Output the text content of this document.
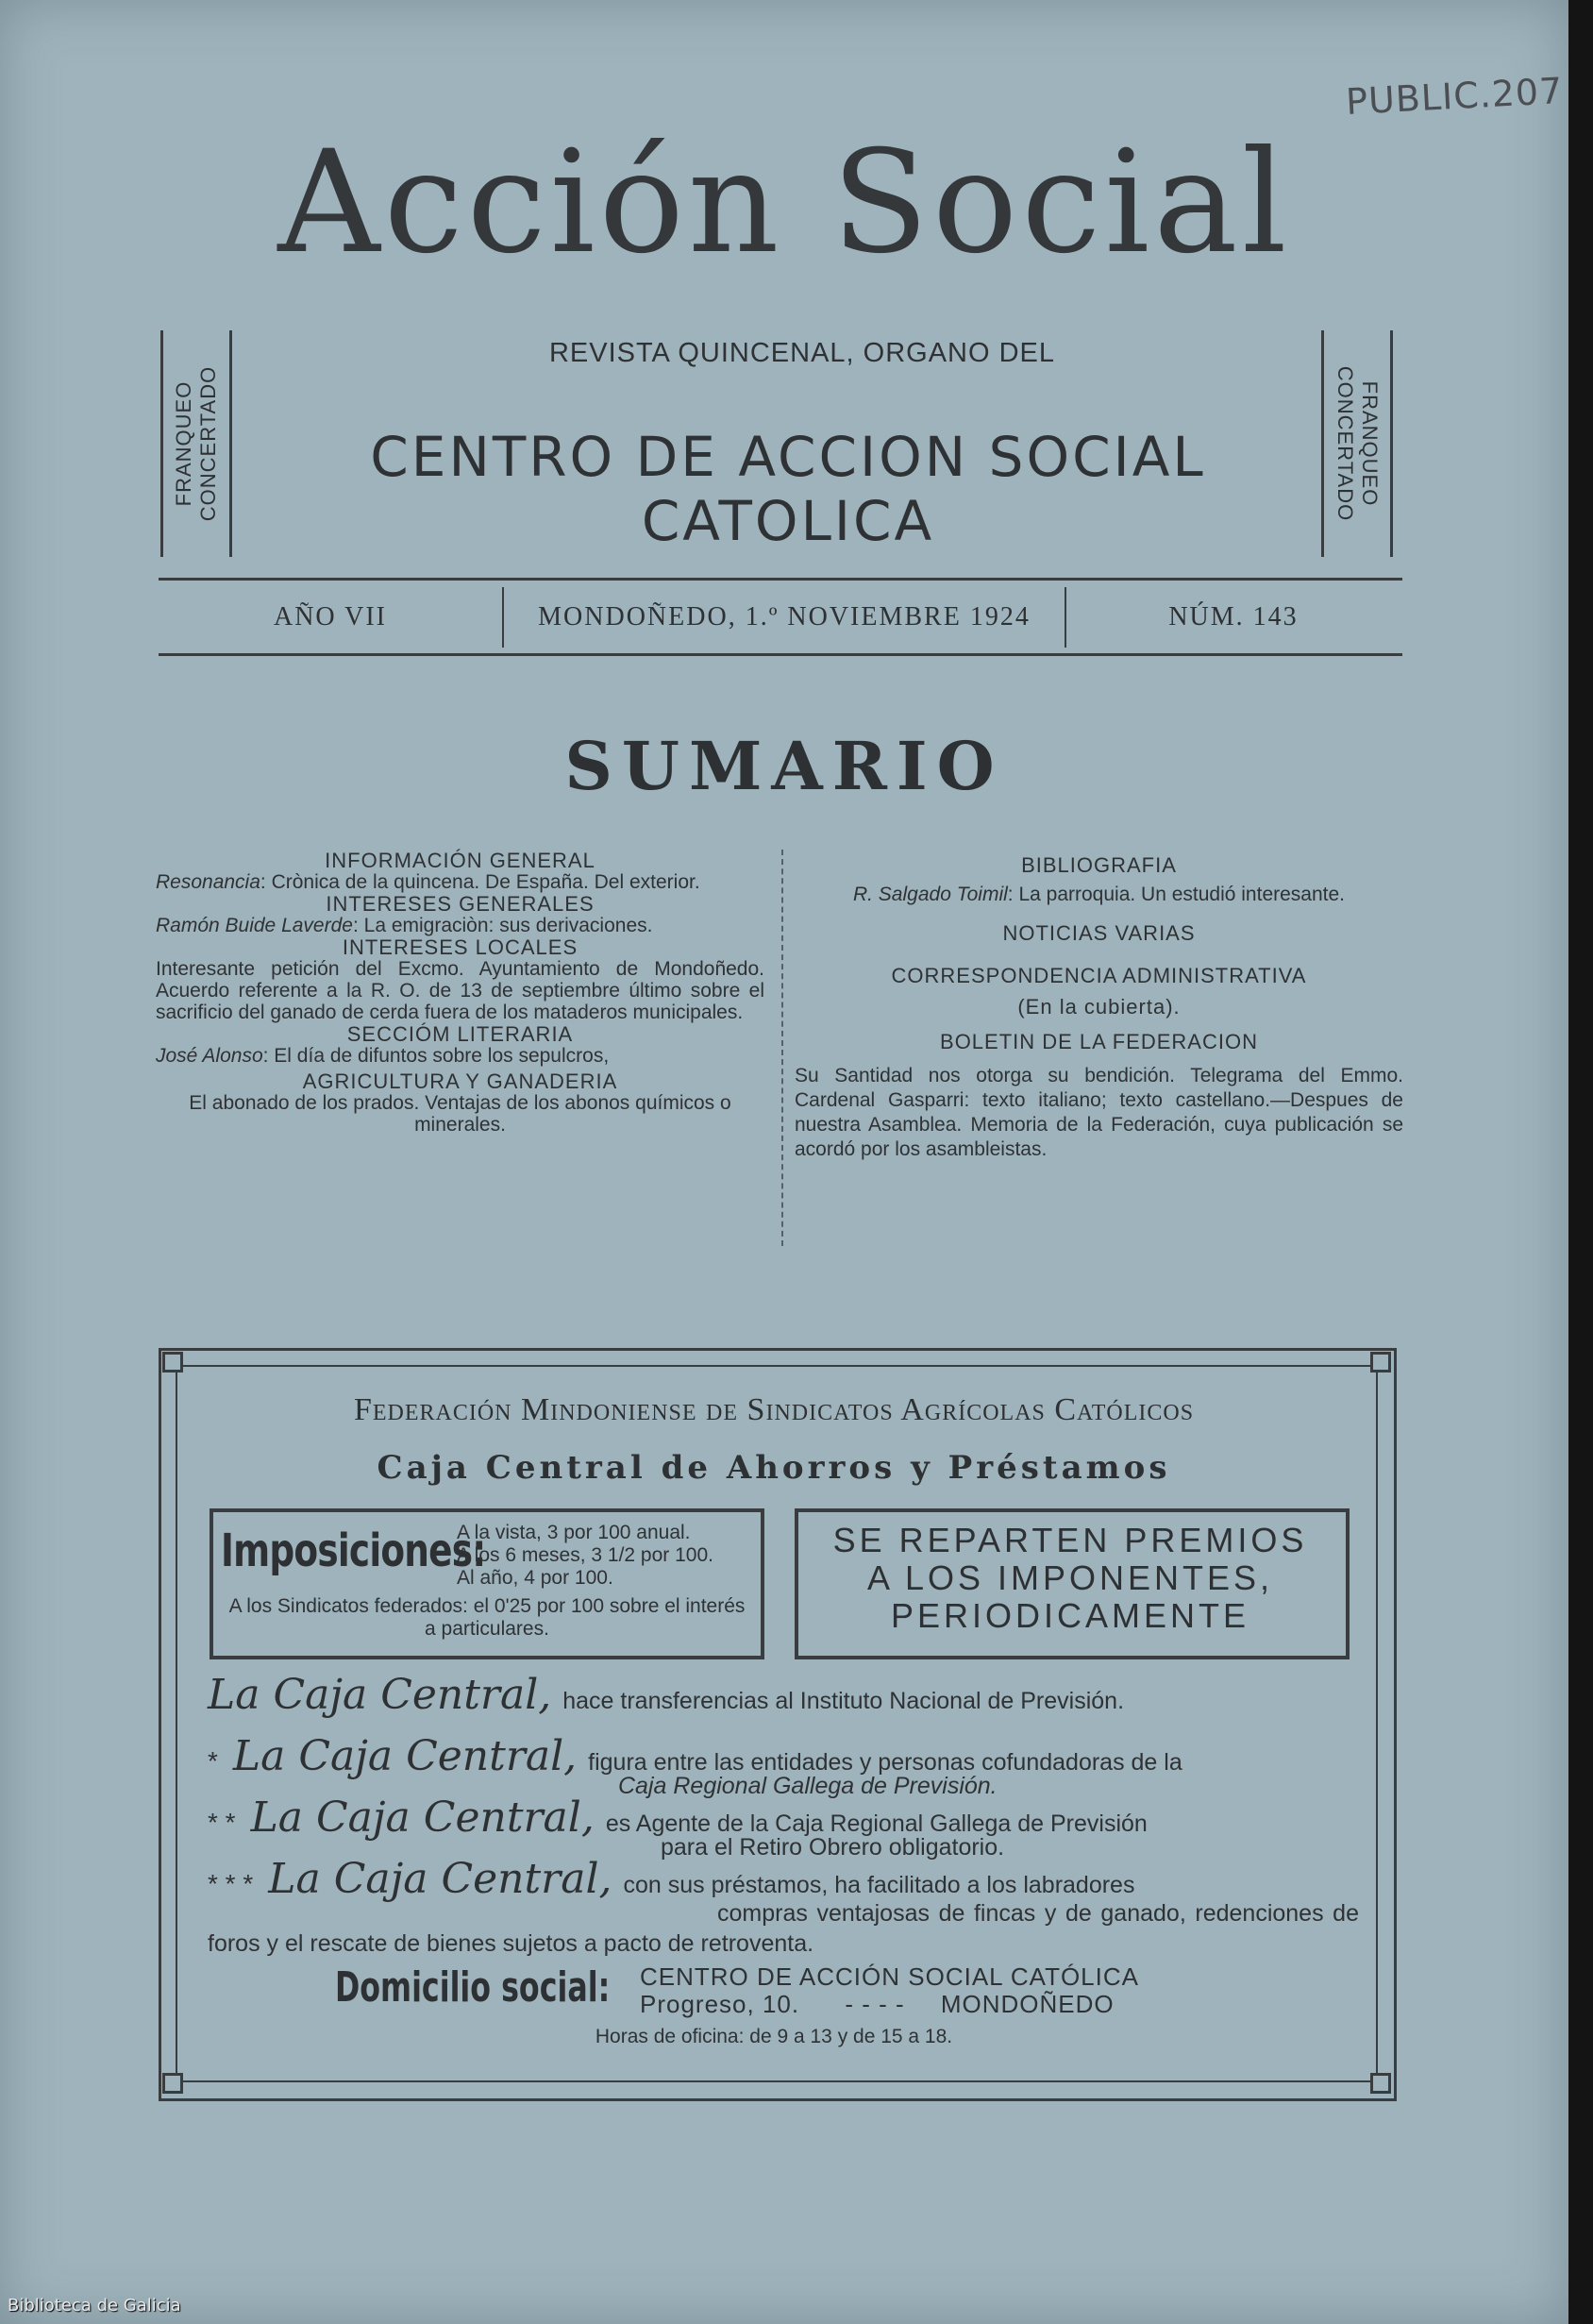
PUBLIC.207
Acción Social
FRANQUEO CONCERTADO	FRANQUEO
CONCERTADO
REVISTA QUINCENAL, ORGANO DEL
CENTRO DE ACCION SOCIAL CATOLICA
AÑO VII	MONDOÑEDO, 1.º NOVIEMBRE 1924	NÚM. 143
SUMARIO
INFORMACIÓN GENERAL
Resonancia: Crònica de la quincena. De España. Del exterior.
INTERESES GENERALES
Ramón Buide Laverde: La emigraciòn: sus derivaciones.
INTERESES LOCALES
Interesante petición del Excmo. Ayuntamiento de Mondoñedo. Acuerdo referente a la R. O. de 13 de septiembre último sobre el sacrificio del ganado de cerda fuera de los mataderos municipales.
SECCIÓM LITERARIA
José Alonso: El día de difuntos sobre los sepulcros,
AGRICULTURA Y GANADERIA
El abonado de los prados. Ventajas de los abonos químicos o minerales.
BIBLIOGRAFIA
R. Salgado Toimil: La parroquia. Un estudió interesante.
NOTICIAS VARIAS
CORRESPONDENCIA ADMINISTRATIVA
(En la cubierta).
BOLETIN DE LA FEDERACION
Su Santidad nos otorga su bendición. Telegrama del Emmo. Cardenal Gasparri: texto italiano; texto castellano.—Despues de nuestra Asamblea. Memoria de la Federación, cuya publicación se acordó por los asambleistas.
Federación Mindoniense de Sindicatos Agrícolas Católicos
Caja Central de Ahorros y Préstamos
Imposiciones:
A la vista, 3 por 100 anual.
A los 6 meses, 3 1/2 por 100.
Al año, 4 por 100.
A los Sindicatos federados: el 0'25 por 100 sobre el interés a particulares.
SE REPARTEN PREMIOS
A LOS IMPONENTES,
PERIODICAMENTE
La Caja Central, hace transferencias al Instituto Nacional de Previsión.
* La Caja Central, figura entre las entidades y personas cofundadoras de la
Caja Regional Gallega de Previsión.
* * La Caja Central, es Agente de la Caja Regional Gallega de Previsión
para el Retiro Obrero obligatorio.
* * * La Caja Central, con sus préstamos, ha facilitado a los labradores
compras ventajosas de fincas y de ganado, redenciones de foros y el rescate de bienes sujetos a pacto de retroventa.
Domicilio social: CENTRO DE ACCIÓN SOCIAL CATÓLICA
Progreso, 10. - - - - MONDOÑEDO
Horas de oficina: de 9 a 13 y de 15 a 18.
Biblioteca de Galicia
